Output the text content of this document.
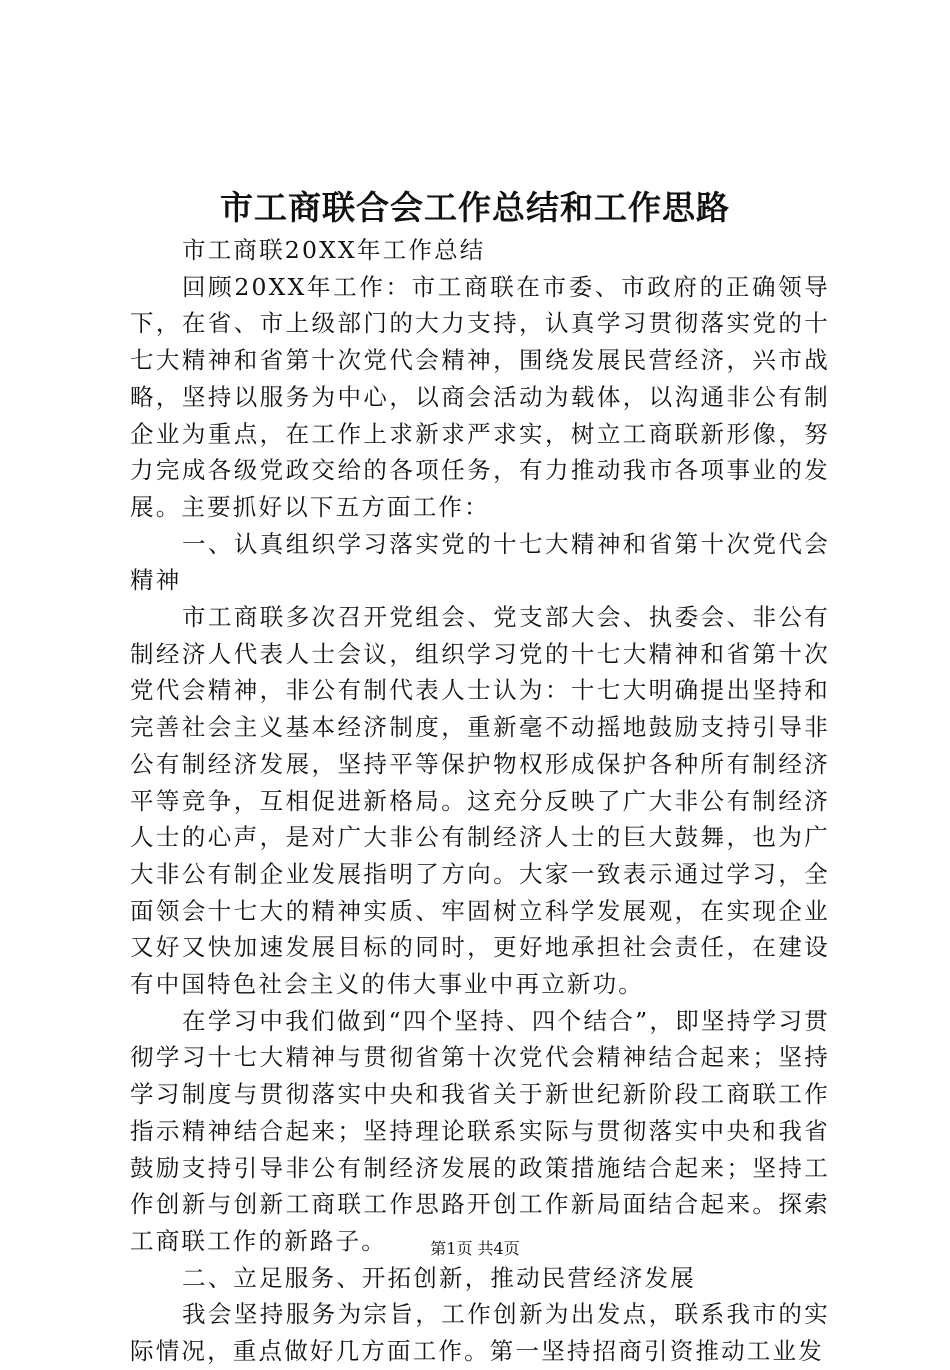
市工商联合会工作总结和工作思路

市工商联20XX年工作总结

回顾20XX年工作：市工商联在市委、市政府的正确领导下，在省、市上级部门的大力支持，认真学习贯彻落实党的十七大精神和省第十次党代会精神，围绕发展民营经济，兴市战略，坚持以服务为中心，以商会活动为载体，以沟通非公有制企业为重点，在工作上求新求严求实，树立工商联新形像，努力完成各级党政交给的各项任务，有力推动我市各项事业的发展。主要抓好以下五方面工作：

一、认真组织学习落实党的十七大精神和省第十次党代会精神

市工商联多次召开党组会、党支部大会、执委会、非公有制经济人代表人士会议，组织学习党的十七大精神和省第十次党代会精神，非公有制代表人士认为：十七大明确提出坚持和完善社会主义基本经济制度，重新毫不动摇地鼓励支持引导非公有制经济发展，坚持平等保护物权形成保护各种所有制经济平等竞争，互相促进新格局。这充分反映了广大非公有制经济人士的心声，是对广大非公有制经济人士的巨大鼓舞，也为广大非公有制企业发展指明了方向。大家一致表示通过学习，全面领会十七大的精神实质、牢固树立科学发展观，在实现企业又好又快加速发展目标的同时，更好地承担社会责任，在建设有中国特色社会主义的伟大事业中再立新功。

在学习中我们做到“四个坚持、四个结合”，即坚持学习贯彻学习十七大精神与贯彻省第十次党代会精神结合起来；坚持学习制度与贯彻落实中央和我省关于新世纪新阶段工商联工作指示精神结合起来；坚持理论联系实际与贯彻落实中央和我省鼓励支持引导非公有制经济发展的政策措施结合起来；坚持工作创新与创新工商联工作思路开创工作新局面结合起来。探索工商联工作的新路子。

二、立足服务、开拓创新，推动民营经济发展

我会坚持服务为宗旨，工作创新为出发点，联系我市的实际情况，重点做好几方面工作。第一坚持招商引资推动工业发

第1页 共4页
